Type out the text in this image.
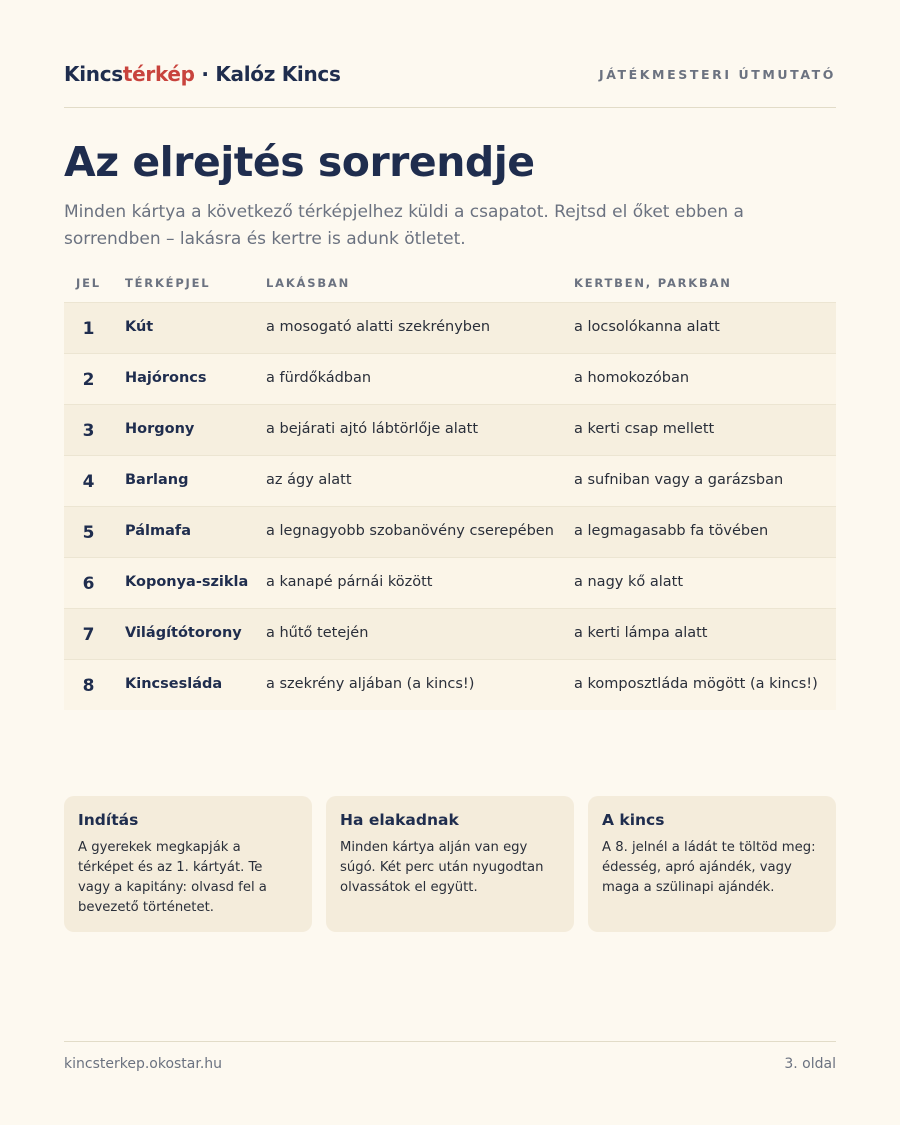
Kincstérkép · Kalóz Kincs	JÁTÉKMESTERI ÚTMUTATÓ
Az elrejtés sorrendje

Minden kártya a következő térképjelhez küldi a csapatot. Rejtsd el őket ebben a sorrendben – lakásra és kertre is adunk ötletet.

JEL	TÉRKÉPJEL	LAKÁSBAN	KERTBEN, PARKBAN
1	Kút	a mosogató alatti szekrényben	a locsolókanna alatt
2	Hajóroncs	a fürdőkádban	a homokozóban
3	Horgony	a bejárati ajtó lábtörlője alatt	a kerti csap mellett
4	Barlang	az ágy alatt	a sufniban vagy a garázsban
5	Pálmafa	a legnagyobb szobanövény cserepében	a legmagasabb fa tövében
6	Koponya-szikla	a kanapé párnái között	a nagy kő alatt
7	Világítótorony	a hűtő tetején	a kerti lámpa alatt
8	Kincsesláda	a szekrény aljában (a kincs!)	a komposztláda mögött (a kincs!)
Indítás

A gyerekek megkapják a térképet és az 1. kártyát. Te vagy a kapitány: olvasd fel a bevezető történetet.

Ha elakadnak

Minden kártya alján van egy súgó. Két perc után nyugodtan olvassátok el együtt.

A kincs

A 8. jelnél a ládát te töltöd meg: édesség, apró ajándék, vagy maga a szülinapi ajándék.

kincsterkep.okostar.hu	3. oldal
